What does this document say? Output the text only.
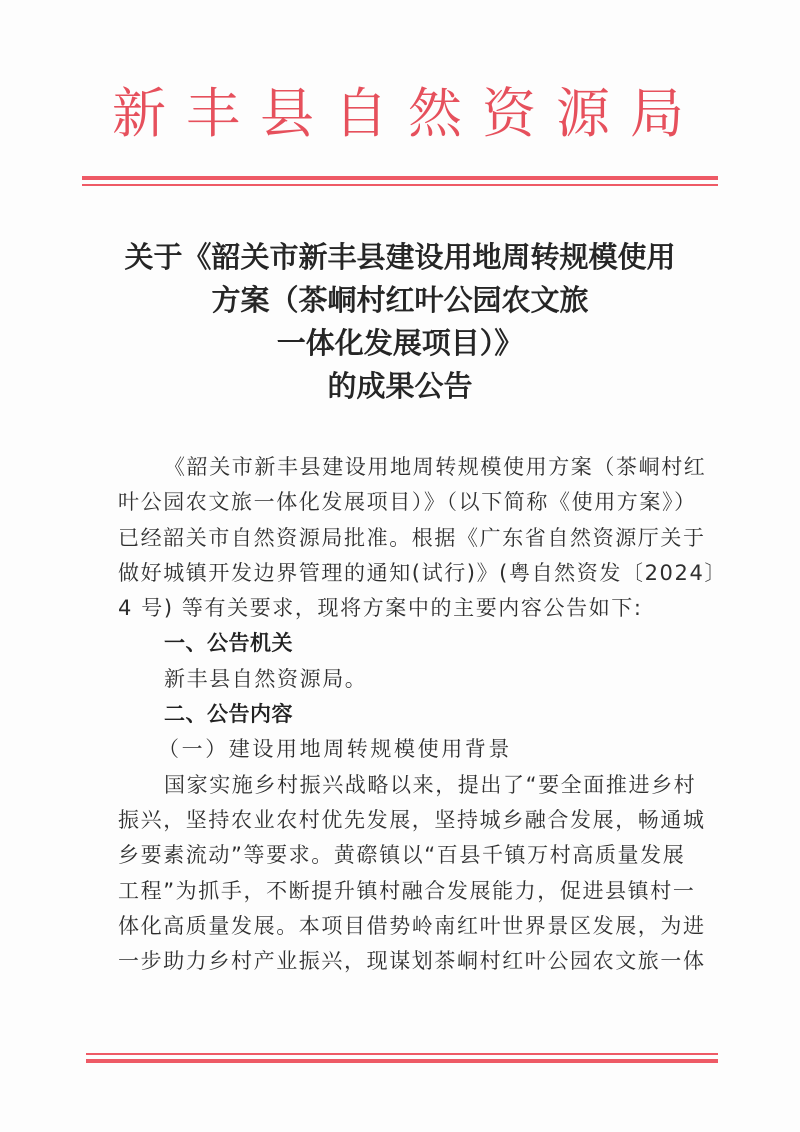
新 丰 县 自 然 资 源 局
关于《韶关市新丰县建设用地周转规模使用
方案（茶峒村红叶公园农文旅
一体化发展项目）》
的成果公告
《韶关市新丰县建设用地周转规模使用方案（茶峒村红
叶公园农文旅一体化发展项目）》（以下简称《使用方案》）
已经韶关市自然资源局批准。根据《广东省自然资源厅关于
做好城镇开发边界管理的通知(试行)》(粤自然资发〔2024〕
4 号) 等有关要求，现将方案中的主要内容公告如下:
一、公告机关
新丰县自然资源局。
二、公告内容
（一）建设用地周转规模使用背景
国家实施乡村振兴战略以来，提出了“要全面推进乡村
振兴，坚持农业农村优先发展，坚持城乡融合发展，畅通城
乡要素流动”等要求。黄磜镇以“百县千镇万村高质量发展
工程”为抓手，不断提升镇村融合发展能力，促进县镇村一
体化高质量发展。本项目借势岭南红叶世界景区发展，为进
一步助力乡村产业振兴，现谋划茶峒村红叶公园农文旅一体
